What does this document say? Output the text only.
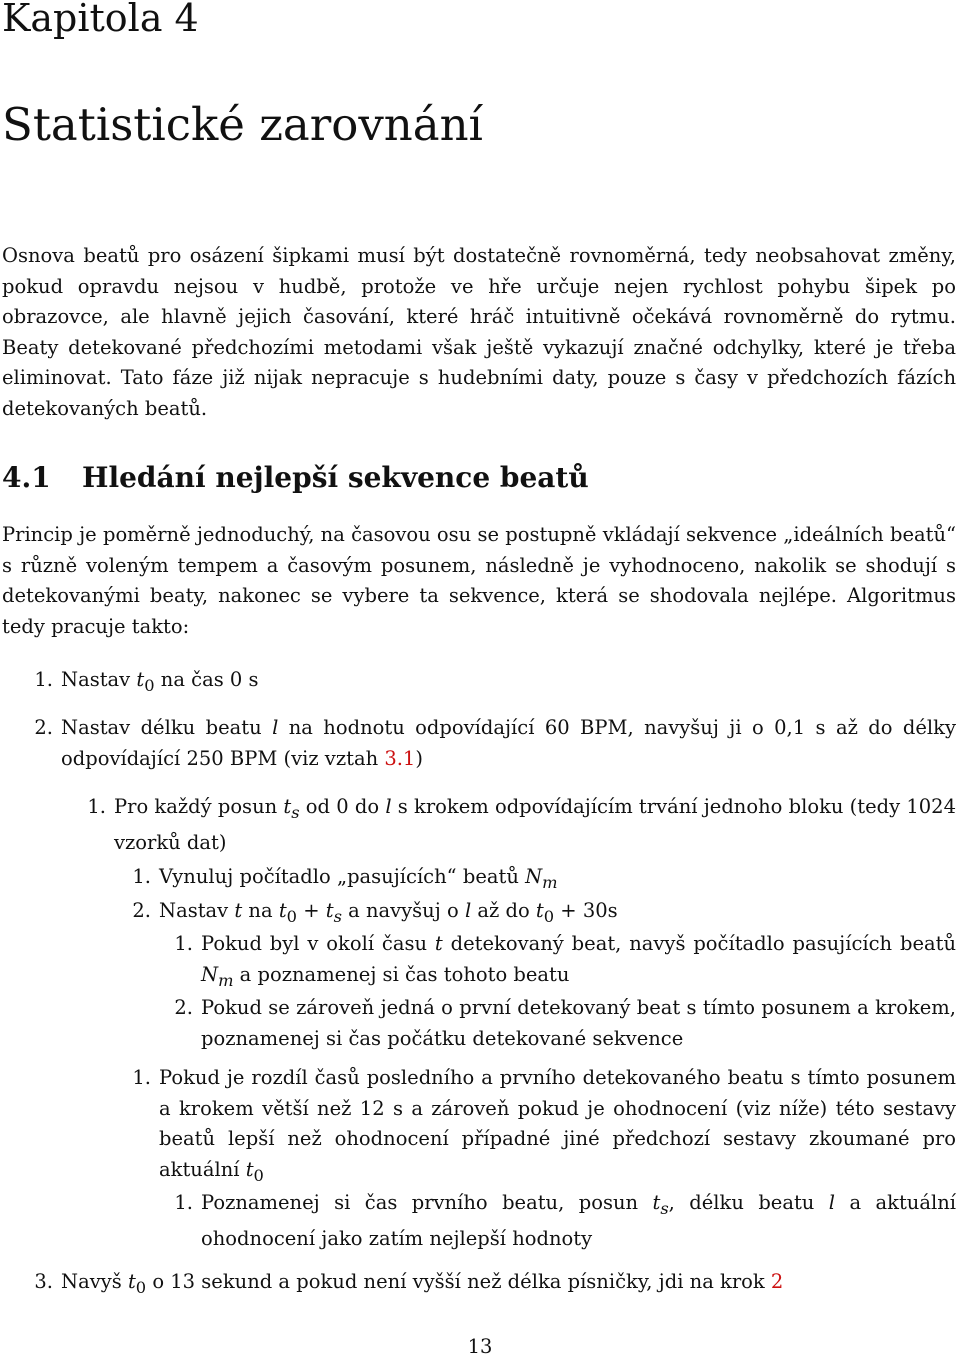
Kapitola 4
Statistické zarovnání

Osnova beatů pro osázení šipkami musí být dostatečně rovnoměrná, tedy neobsahovat změny, pokud opravdu nejsou v hudbě, protože ve hře určuje nejen rychlost pohybu šipek po obrazovce, ale hlavně jejich časování, které hráč intuitivně očekává rovnoměrně do rytmu. Beaty detekované předchozími metodami však ještě vykazují značné odchylky, které je třeba eliminovat. Tato fáze již nijak nepracuje s hudebními daty, pouze s časy v předchozích fázích detekovaných beatů.

4.1 Hledání nejlepší sekvence beatů

Princip je poměrně jednoduchý, na časovou osu se postupně vkládají sekvence „ideálních beatů“ s různě voleným tempem a časovým posunem, následně je vyhodnoceno, nakolik se shodují s detekovanými beaty, nakonec se vybere ta sekvence, která se shodovala nejlépe. Algoritmus tedy pracuje takto:

1. Nastav $t_0$ na čas 0 s

2. Nastav délku beatu l na hodnotu odpovídající 60 BPM, navyšuj ji o 0,1 s až do délky odpovídající 250 BPM (viz vztah 3.1)

1. Pro každý posun $t_s$ od 0 do l s krokem odpovídajícím trvání jednoho bloku (tedy 1024 vzorků dat)

1. Vynuluj počítadlo „pasujících“ beatů $N_m$

2. Nastav t na $t_0 + t_s$ a navyšuj o l až do $t_0 + 30s$

1. Pokud byl v okolí času t detekovaný beat, navyš počítadlo pasujících beatů $N_m$ a poznamenej si čas tohoto beatu

2. Pokud se zároveň jedná o první detekovaný beat s tímto posunem a krokem, poznamenej si čas počátku detekované sekvence

1. Pokud je rozdíl časů posledního a prvního detekovaného beatu s tímto posunem a krokem větší než 12 s a zároveň pokud je ohodnocení (viz níže) této sestavy beatů lepší než ohodnocení případné jiné předchozí sestavy zkoumané pro aktuální $t_0$

1. Poznamenej si čas prvního beatu, posun $t_s$, délku beatu l a aktuální ohodnocení jako zatím nejlepší hodnoty

3. Navyš $t_0$ o 13 sekund a pokud není vyšší než délka písničky, jdi na krok 2

13
